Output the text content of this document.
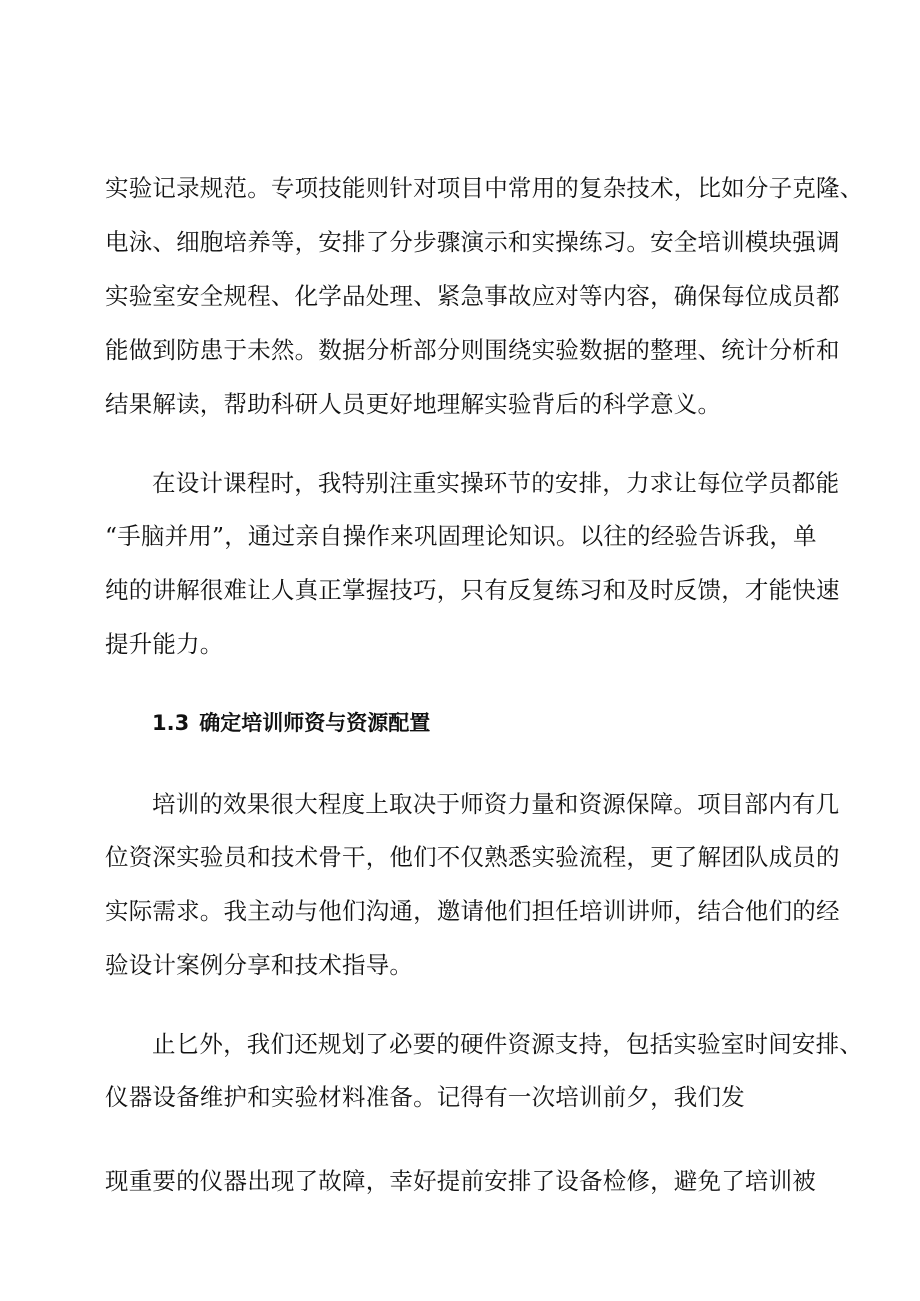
实验记录规范。专项技能则针对项目中常用的复杂技术，比如分子克隆、
电泳、细胞培养等，安排了分步骤演示和实操练习。安全培训模块强调
实验室安全规程、化学品处理、紧急事故应对等内容，确保每位成员都
能做到防患于未然。数据分析部分则围绕实验数据的整理、统计分析和
结果解读，帮助科研人员更好地理解实验背后的科学意义。
在设计课程时，我特别注重实操环节的安排，力求让每位学员都能
“手脑并用”，通过亲自操作来巩固理论知识。以往的经验告诉我，单
纯的讲解很难让人真正掌握技巧，只有反复练习和及时反馈，才能快速
提升能力。
1.3 确定培训师资与资源配置
培训的效果很大程度上取决于师资力量和资源保障。项目部内有几
位资深实验员和技术骨干，他们不仅熟悉实验流程，更了解团队成员的
实际需求。我主动与他们沟通，邀请他们担任培训讲师，结合他们的经
验设计案例分享和技术指导。
止匕外，我们还规划了必要的硬件资源支持，包括实验室时间安排、
仪器设备维护和实验材料准备。记得有一次培训前夕，我们发
现重要的仪器出现了故障，幸好提前安排了设备检修，避免了培训被
